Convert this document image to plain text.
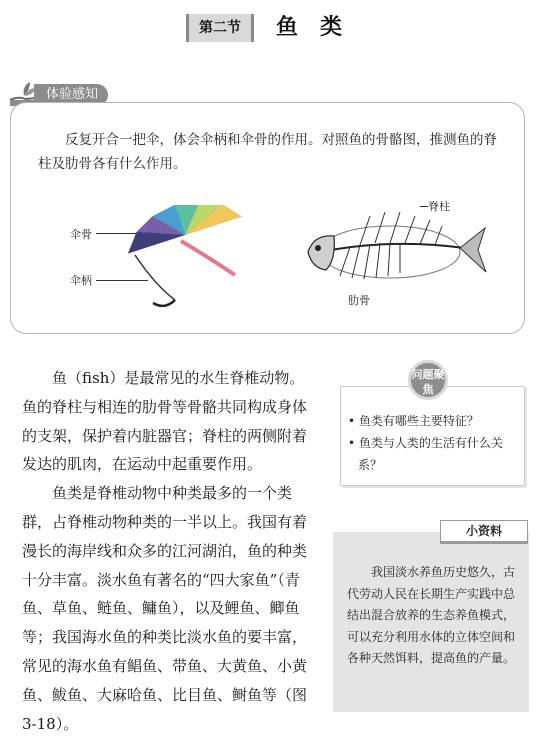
第二节	鱼类
体验感知
反复开合一把伞，体会伞柄和伞骨的作用。对照鱼的骨骼图，推测鱼的脊柱及肋骨各有什么作用。
伞骨
伞柄
脊柱
肋骨

鱼（fish）是最常见的水生脊椎动物。鱼的脊柱与相连的肋骨等骨骼共同构成身体的支架，保护着内脏器官；脊柱的两侧附着发达的肌肉，在运动中起重要作用。

鱼类是脊椎动物中种类最多的一个类群，占脊椎动物种类的一半以上。我国有着漫长的海岸线和众多的江河湖泊，鱼的种类十分丰富。淡水鱼有著名的“四大家鱼”（青鱼、草鱼、鲢鱼、鳙鱼），以及鲤鱼、鲫鱼等；我国海水鱼的种类比淡水鱼的要丰富，常见的海水鱼有鲳鱼、带鱼、大黄鱼、小黄鱼、鲅鱼、大麻哈鱼、比目鱼、鲥鱼等（图 3-18）。

问题聚焦
• 鱼类有哪些主要特征？
• 鱼类与人类的生活有什么关系？
小资料
我国淡水养鱼历史悠久，古代劳动人民在长期生产实践中总结出混合放养的生态养鱼模式，可以充分利用水体的立体空间和各种天然饵料，提高鱼的产量。
